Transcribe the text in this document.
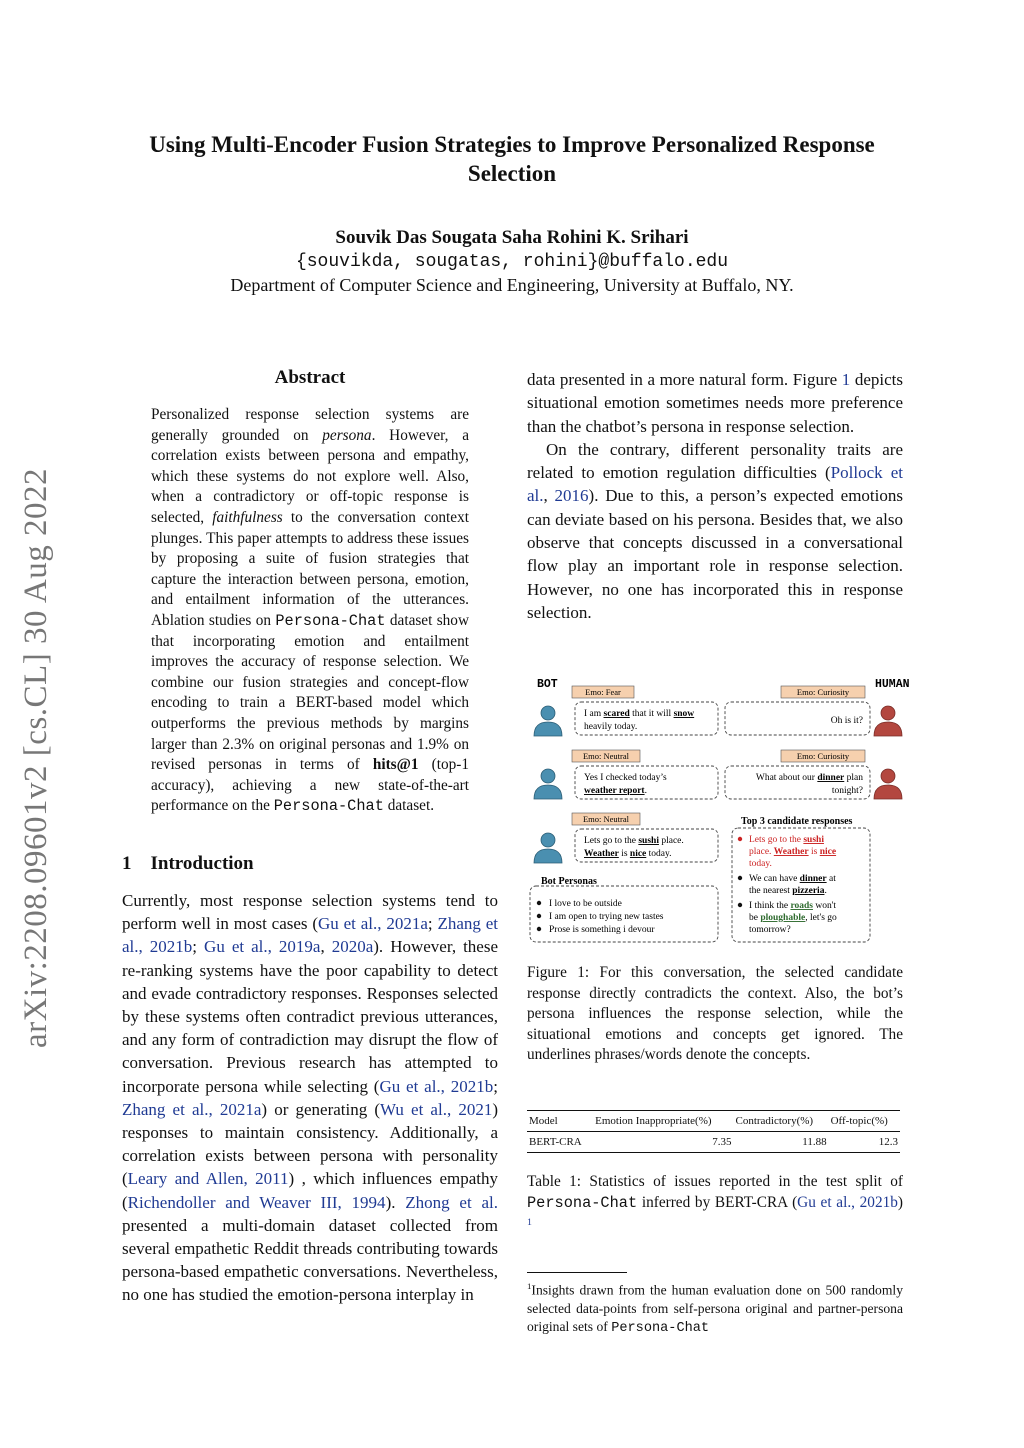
arXiv:2208.09601v2 [cs.CL] 30 Aug 2022
Using Multi-Encoder Fusion Strategies to Improve Personalized Response Selection
Souvik Das Sougata Saha Rohini K. Srihari
{souvikda, sougatas, rohini}@buffalo.edu
Department of Computer Science and Engineering, University at Buffalo, NY.
Abstract
Personalized response selection systems are generally grounded on persona. However, a correlation exists between persona and empathy, which these systems do not explore well. Also, when a contradictory or off-topic response is selected, faithfulness to the conversation context plunges. This paper attempts to address these issues by proposing a suite of fusion strategies that capture the interaction between persona, emotion, and entailment information of the utterances. Ablation studies on Persona-Chat dataset show that incorporating emotion and entailment improves the accuracy of response selection. We combine our fusion strategies and concept-flow encoding to train a BERT-based model which outperforms the previous methods by margins larger than 2.3% on original personas and 1.9% on revised personas in terms of hits@1 (top-1 accuracy), achieving a new state-of-the-art performance on the Persona-Chat dataset.
1    Introduction
Currently, most response selection systems tend to perform well in most cases (Gu et al., 2021a; Zhang et al., 2021b; Gu et al., 2019a, 2020a). However, these re-ranking systems have the poor capability to detect and evade contradictory responses. Responses selected by these systems often contradict previous utterances, and any form of contradiction may disrupt the flow of conversation. Previous research has attempted to incorporate persona while selecting (Gu et al., 2021b; Zhang et al., 2021a) or generating (Wu et al., 2021) responses to maintain consistency. Additionally, a correlation exists between persona with personality (Leary and Allen, 2011) , which influences empathy (Richendoller and Weaver III, 1994). Zhong et al. presented a multi-domain dataset collected from several empathetic Reddit threads contributing towards persona-based empathetic conversations. Nevertheless, no one has studied the emotion-persona interplay in

data presented in a more natural form. Figure 1 depicts situational emotion sometimes needs more preference than the chatbot’s persona in response selection.

On the contrary, different personality traits are related to emotion regulation difficulties (Pollock et al., 2016). Due to this, a person’s expected emotions can deviate based on his persona. Besides that, we also observe that concepts discussed in a conversational flow play an important role in response selection. However, no one has incorporated this in response selection.

BOT	HUMAN
Emo: Fear	Emo: Curiosity
Emo: Neutral	Emo: Curiosity
Emo: Neutral
I am scared that it will snow
heavily today.
Oh is it?
Yes I checked today’s
weather report.
What about our dinner plan
tonight?
Lets go to the sushi place.
Weather is nice today.
Bot Personas
I love to be outside
I am open to trying new tastes
Prose is something i devour
Top 3 candidate responses
Lets go to the sushi
place. Weather is nice
today.
We can have dinner at
the nearest pizzeria.
I think the roads won't
be ploughable, let's go
tomorrow?
Figure 1: For this conversation, the selected candidate response directly contradicts the context. Also, the bot’s persona influences the response selection, while the situational emotions and concepts get ignored. The underlines phrases/words denote the concepts.
Model	Emotion Inappropriate(%)	Contradictory(%)	Off-topic(%)
BERT-CRA	7.35	11.88	12.3
Table 1: Statistics of issues reported in the test split of Persona-Chat inferred by BERT-CRA (Gu et al., 2021b) $^1$
$^1$Insights drawn from the human evaluation done on 500 randomly selected data-points from self-persona original and partner-persona original sets of Persona-Chat
